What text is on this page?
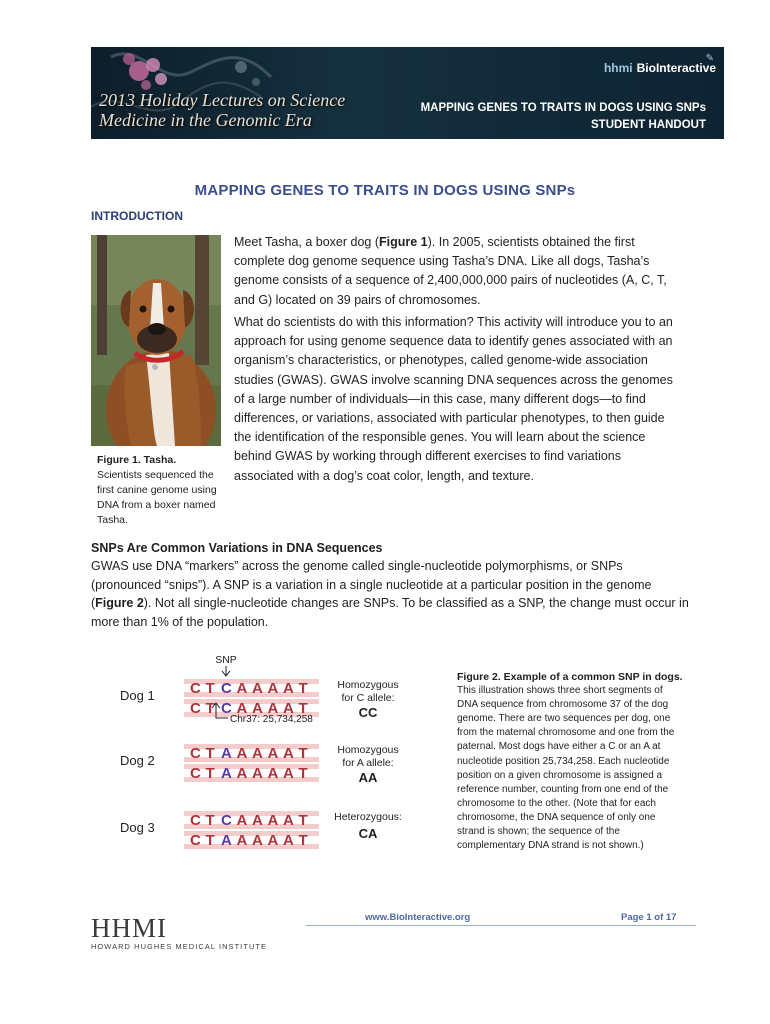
2013 Holiday Lectures on Science
Medicine in the Genomic Era
✎
hhmi BioInteractive
MAPPING GENES TO TRAITS IN DOGS USING SNPs
STUDENT HANDOUT
MAPPING GENES TO TRAITS IN DOGS USING SNPs
INTRODUCTION
Figure 1. Tasha.
Scientists sequenced the first canine genome using DNA from a boxer named Tasha.
Meet Tasha, a boxer dog (Figure 1). In 2005, scientists obtained the first complete dog genome sequence using Tasha’s DNA. Like all dogs, Tasha’s genome consists of a sequence of 2,400,000,000 pairs of nucleotides (A, C, T, and G) located on 39 pairs of chromosomes.
What do scientists do with this information? This activity will introduce you to an approach for using genome sequence data to identify genes associated with an organism’s characteristics, or phenotypes, called genome-wide association studies (GWAS). GWAS involve scanning DNA sequences across the genomes of a large number of individuals—in this case, many different dogs—to find differences, or variations, associated with particular phenotypes, to then guide the identification of the responsible genes. You will learn about the science behind GWAS by working through different exercises to find variations associated with a dog’s coat color, length, and texture.
SNPs Are Common Variations in DNA Sequences
GWAS use DNA “markers” across the genome called single-nucleotide polymorphisms, or SNPs (pronounced “snips”). A SNP is a variation in a single nucleotide at a particular position in the genome (Figure 2). Not all single-nucleotide changes are SNPs. To be classified as a SNP, the change must occur in more than 1% of the population.
SNP
Dog 1 C T C A A A A T
C T C A A A A T
Homozygous
for C allele:
CC
Dog 2 C T A A A A A T
C T A A A A A T
Homozygous
for A allele:
AA
Dog 3 C T C A A A A T
C T A A A A A T
Heterozygous:
CA
Chr37: 25,734,258
Figure 2. Example of a common SNP in dogs.
This illustration shows three short segments of DNA sequence from chromosome 37 of the dog genome. There are two sequences per dog, one from the maternal chromosome and one from the paternal. Most dogs have either a C or an A at nucleotide position 25,734,258. Each nucleotide position on a given chromosome is assigned a reference number, counting from one end of the chromosome to the other. (Note that for each chromosome, the DNA sequence of only one strand is shown; the sequence of the complementary DNA strand is not shown.)
HHMI
HOWARD HUGHES MEDICAL INSTITUTE
www.BioInteractive.org	Page 1 of 17
